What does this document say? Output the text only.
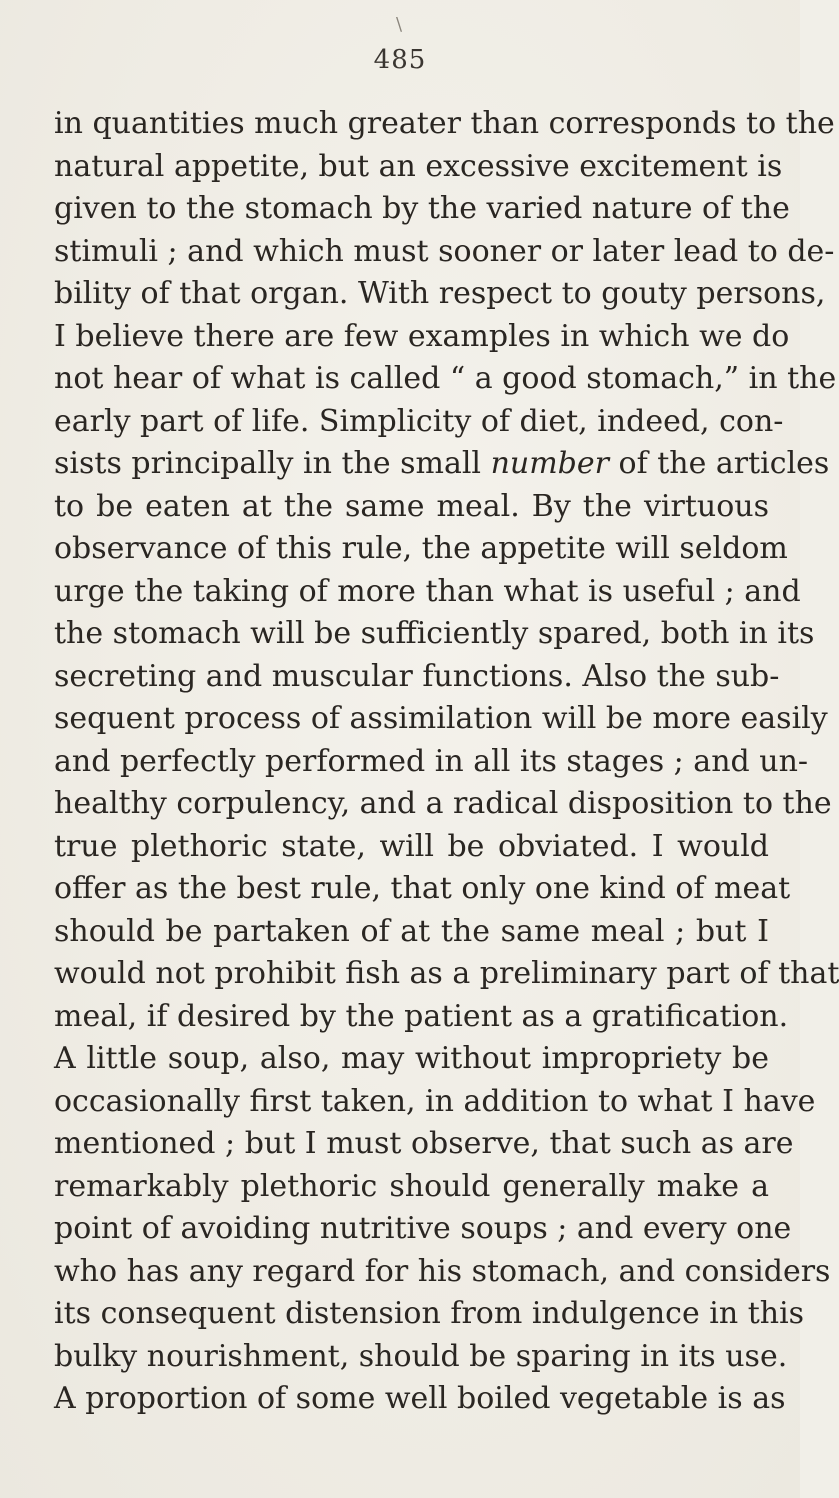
\
485
in quantities much greater than corresponds to the
natural appetite, but an excessive excitement is
given to the stomach by the varied nature of the
stimuli ; and which must sooner or later lead to de-
bility of that organ. With respect to gouty persons,
I believe there are few examples in which we do
not hear of what is called “ a good stomach,” in the
early part of life. Simplicity of diet, indeed, con-
sists principally in the small number of the articles
to be eaten at the same meal. By the virtuous
observance of this rule, the appetite will seldom
urge the taking of more than what is useful ; and
the stomach will be sufficiently spared, both in its
secreting and muscular functions. Also the sub-
sequent process of assimilation will be more easily
and perfectly performed in all its stages ; and un-
healthy corpulency, and a radical disposition to the
true plethoric state, will be obviated. I would
offer as the best rule, that only one kind of meat
should be partaken of at the same meal ; but I
would not prohibit fish as a preliminary part of that
meal, if desired by the patient as a gratification.
A little soup, also, may without impropriety be
occasionally first taken, in addition to what I have
mentioned ; but I must observe, that such as are
remarkably plethoric should generally make a
point of avoiding nutritive soups ; and every one
who has any regard for his stomach, and considers
its consequent distension from indulgence in this
bulky nourishment, should be sparing in its use.
A proportion of some well boiled vegetable is as
